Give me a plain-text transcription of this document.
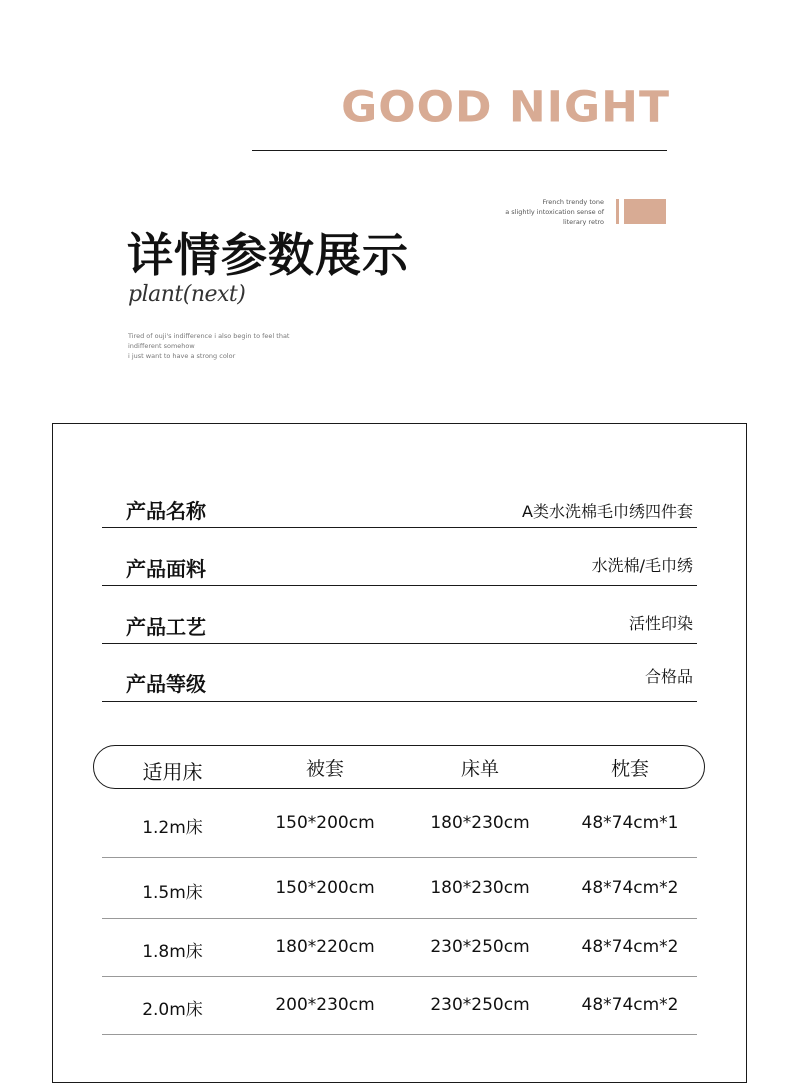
GOOD NIGHT
French trendy tone
a slightly intoxication sense of
literary retro
详情参数展示
plant(next)
Tired of ouji's indifference i also begin to feel that
indifferent somehow
i just want to have a strong color
产品名称	A类水洗棉毛巾绣四件套
产品面料	水洗棉/毛巾绣
产品工艺	活性印染
产品等级	合格品
适用床	被套	床单	枕套
1.2m床	150*200cm	180*230cm	48*74cm*1
1.5m床	150*200cm	180*230cm	48*74cm*2
1.8m床	180*220cm	230*250cm	48*74cm*2
2.0m床	200*230cm	230*250cm	48*74cm*2
